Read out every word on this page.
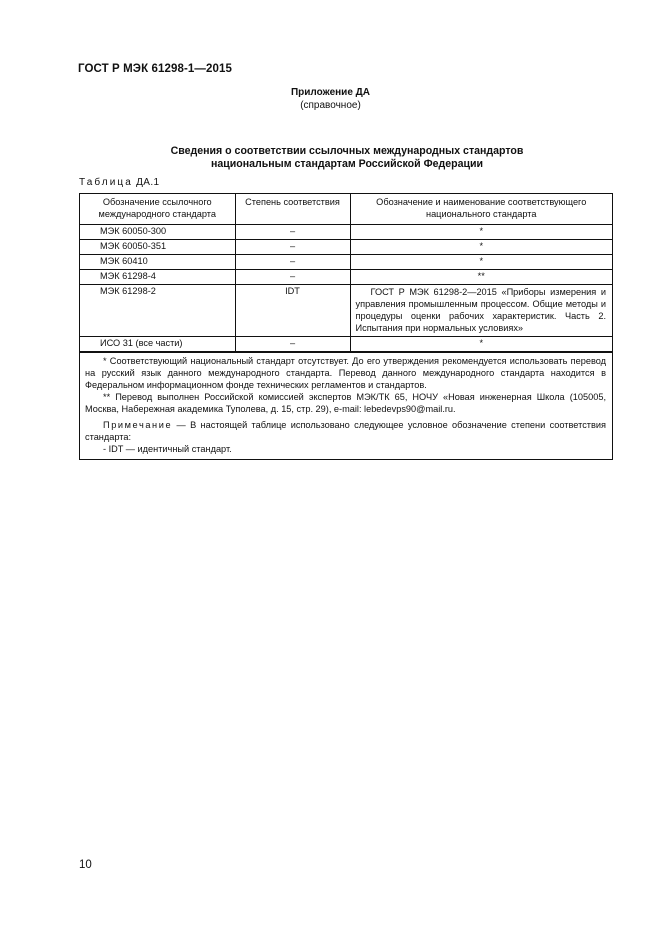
ГОСТ Р МЭК 61298-1—2015
Приложение ДА
(справочное)
Сведения о соответствии ссылочных международных стандартов
национальным стандартам Российской Федерации
Таблица ДА.1
Обозначение ссылочного международного стандарта	Степень соответствия	Обозначение и наименование соответствующего национального стандарта
МЭК 60050-300	–	*
МЭК 60050-351	–	*
МЭК 60410	–	*
МЭК 61298-4	–	**
МЭК 61298-2	IDT	ГОСТ Р МЭК 61298-2—2015 «Приборы измерения и управления промышленным процессом. Общие методы и процедуры оценки рабочих характеристик. Часть 2. Испытания при нормальных условиях»
ИСО 31 (все части)	–	*

* Соответствующий национальный стандарт отсутствует. До его утверждения рекомендуется использовать перевод на русский язык данного международного стандарта. Перевод данного международного стандарта находится в Федеральном информационном фонде технических регламентов и стандартов.

** Перевод выполнен Российской комиссией экспертов МЭК/ТК 65, НОЧУ «Новая инженерная Школа (105005, Москва, Набережная академика Туполева, д. 15, стр. 29), e-mail: lebedevps90@mail.ru.

Примечание — В настоящей таблице использовано следующее условное обозначение степени соответствия стандарта:

- IDT — идентичный стандарт.

10
